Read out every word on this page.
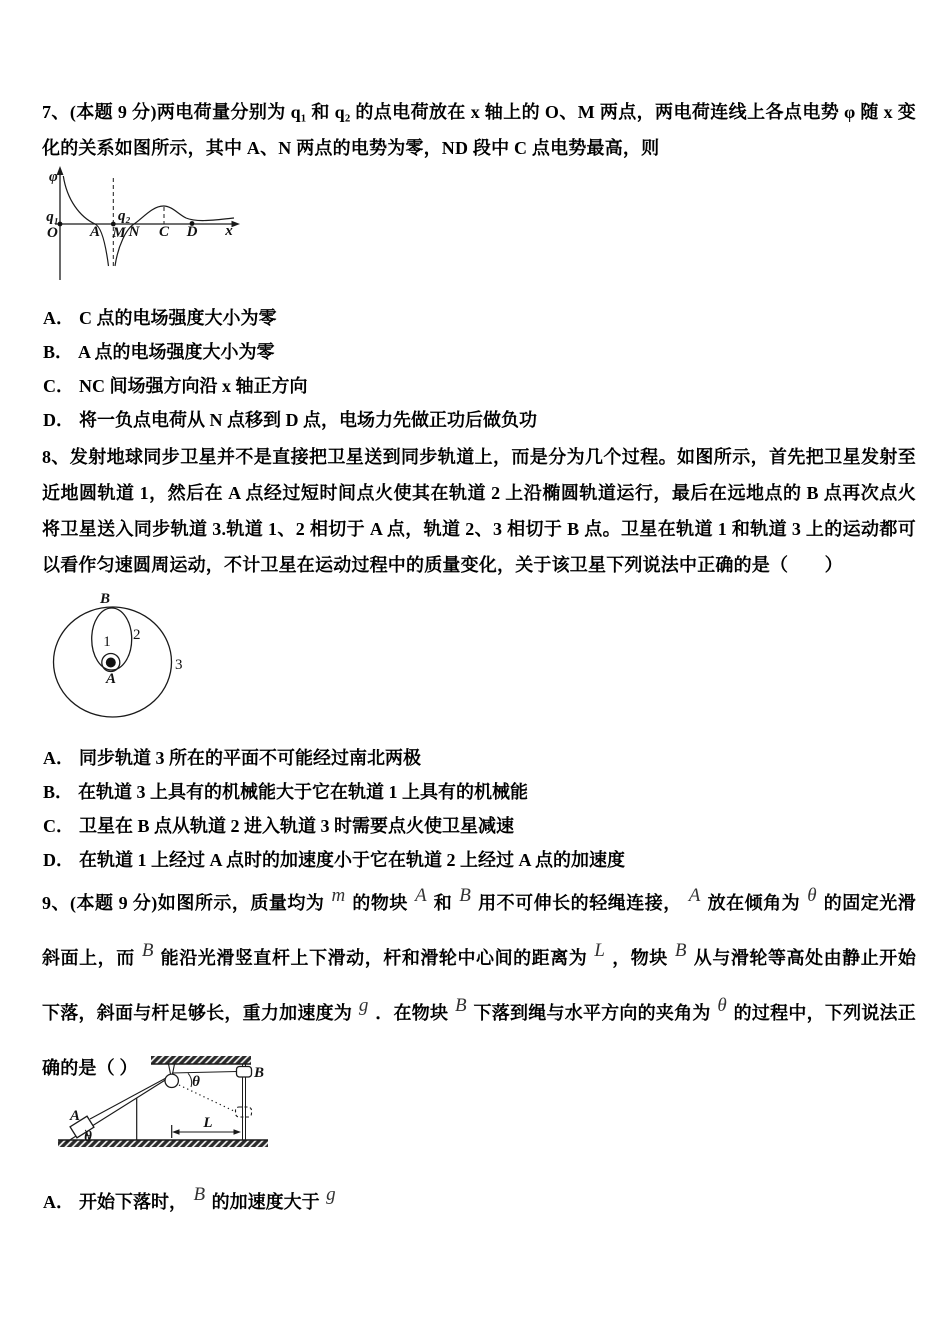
7、(本题 9 分)两电荷量分别为 q₁ 和 q₂ 的点电荷放在 x 轴上的 O、M 两点，两电荷连线上各点电势 φ 随 x 变化的关系如图所示，其中 A、N 两点的电势为零，ND 段中 C 点电势最高，则
φ
q₁	q₂
O A M N C D x
A． C 点的电场强度大小为零
B． A 点的电场强度大小为零
C． NC 间场强方向沿 x 轴正方向
D． 将一负点电荷从 N 点移到 D 点，电场力先做正功后做负功
8、发射地球同步卫星并不是直接把卫星送到同步轨道上，而是分为几个过程。如图所示，首先把卫星发射至近地圆轨道 1，然后在 A 点经过短时间点火使其在轨道 2 上沿椭圆轨道运行，最后在远地点的 B 点再次点火将卫星送入同步轨道 3.轨道 1、2 相切于 A 点，轨道 2、3 相切于 B 点。卫星在轨道 1 和轨道 3 上的运动都可以看作匀速圆周运动，不计卫星在运动过程中的质量变化，关于该卫星下列说法中正确的是（　　）
B
A
1 2
3
A． 同步轨道 3 所在的平面不可能经过南北两极
B． 在轨道 3 上具有的机械能大于它在轨道 1 上具有的机械能
C． 卫星在 B 点从轨道 2 进入轨道 3 时需要点火使卫星减速
D． 在轨道 1 上经过 A 点时的加速度小于它在轨道 2 上经过 A 点的加速度
9、(本题 9 分)如图所示，质量均为 m 的物块 A 和 B 用不可伸长的轻绳连接， A 放在倾角为 θ 的固定光滑斜面上，而 B 能沿光滑竖直杆上下滑动，杆和滑轮中心间的距离为 L ，物块 B 从与滑轮等高处由静止开始下落，斜面与杆足够长，重力加速度为 g ．在物块 B 下落到绳与水平方向的夹角为 θ 的过程中，下列说法正确的是（ ）
A
θ
θ
B
L
A． 开始下落时， B 的加速度大于 g
